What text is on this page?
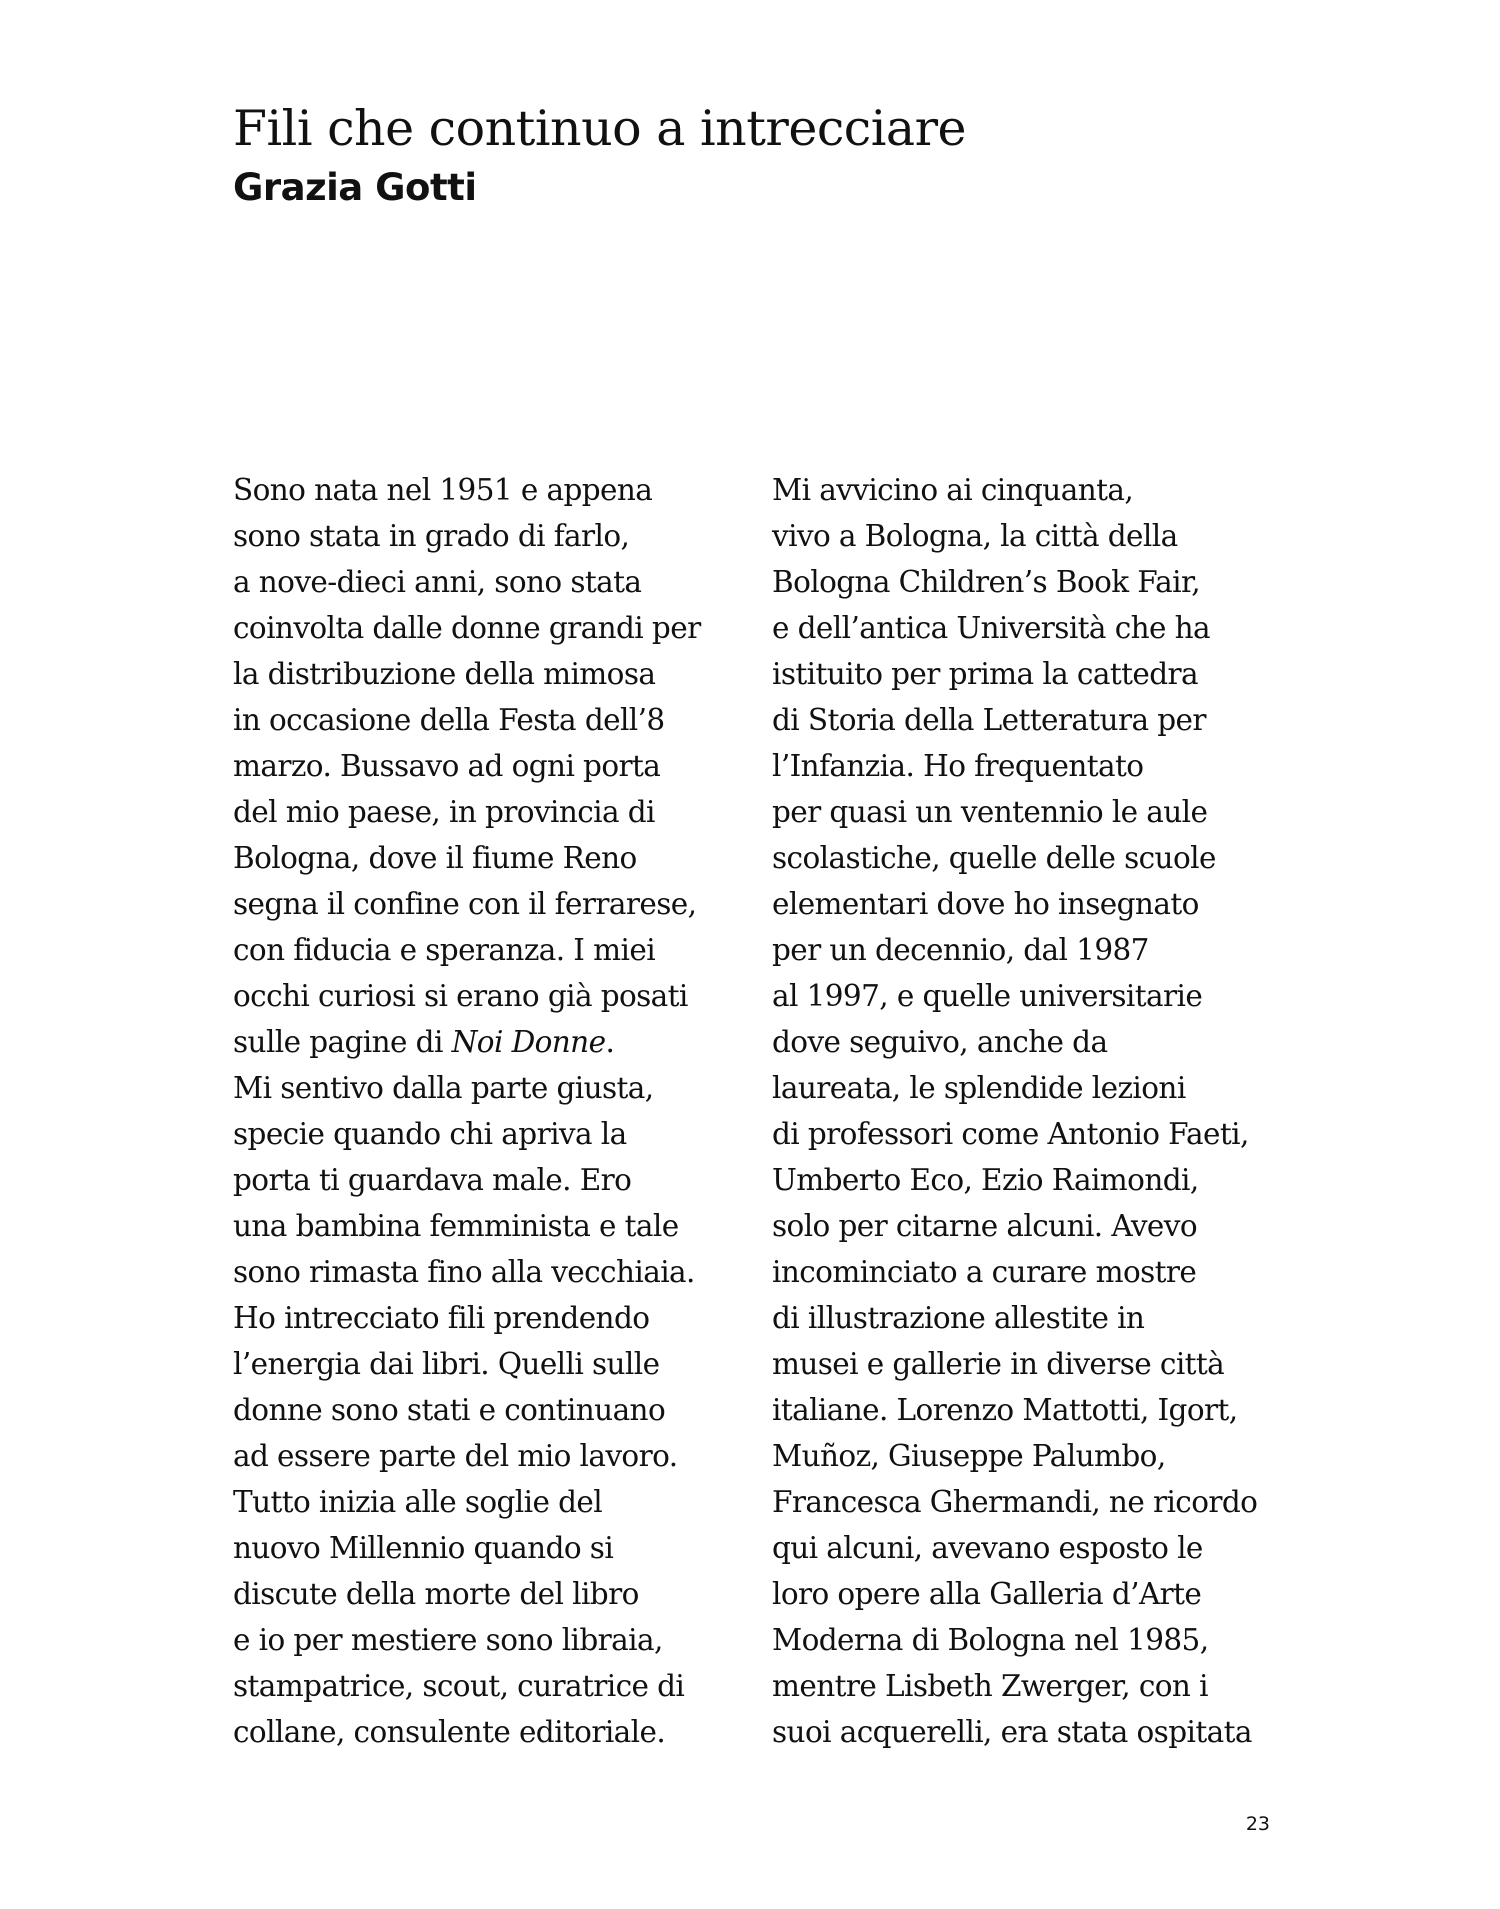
Fili che continuo a intrecciare
Grazia Gotti
Sono nata nel 1951 e appena
sono stata in grado di farlo,
a nove-dieci anni, sono stata
coinvolta dalle donne grandi per
la distribuzione della mimosa
in occasione della Festa dell’8
marzo. Bussavo ad ogni porta
del mio paese, in provincia di
Bologna, dove il fiume Reno
segna il confine con il ferrarese,
con fiducia e speranza. I miei
occhi curiosi si erano già posati
sulle pagine di Noi Donne.
Mi sentivo dalla parte giusta,
specie quando chi apriva la
porta ti guardava male. Ero
una bambina femminista e tale
sono rimasta fino alla vecchiaia.
Ho intrecciato fili prendendo
l’energia dai libri. Quelli sulle
donne sono stati e continuano
ad essere parte del mio lavoro.
Tutto inizia alle soglie del
nuovo Millennio quando si
discute della morte del libro
e io per mestiere sono libraia,
stampatrice, scout, curatrice di
collane, consulente editoriale.
Mi avvicino ai cinquanta,
vivo a Bologna, la città della
Bologna Children’s Book Fair,
e dell’antica Università che ha
istituito per prima la cattedra
di Storia della Letteratura per
l’Infanzia. Ho frequentato
per quasi un ventennio le aule
scolastiche, quelle delle scuole
elementari dove ho insegnato
per un decennio, dal 1987
al 1997, e quelle universitarie
dove seguivo, anche da
laureata, le splendide lezioni
di professori come Antonio Faeti,
Umberto Eco, Ezio Raimondi,
solo per citarne alcuni. Avevo
incominciato a curare mostre
di illustrazione allestite in
musei e gallerie in diverse città
italiane. Lorenzo Mattotti, Igort,
Muñoz, Giuseppe Palumbo,
Francesca Ghermandi, ne ricordo
qui alcuni, avevano esposto le
loro opere alla Galleria d’Arte
Moderna di Bologna nel 1985,
mentre Lisbeth Zwerger, con i
suoi acquerelli, era stata ospitata
23
